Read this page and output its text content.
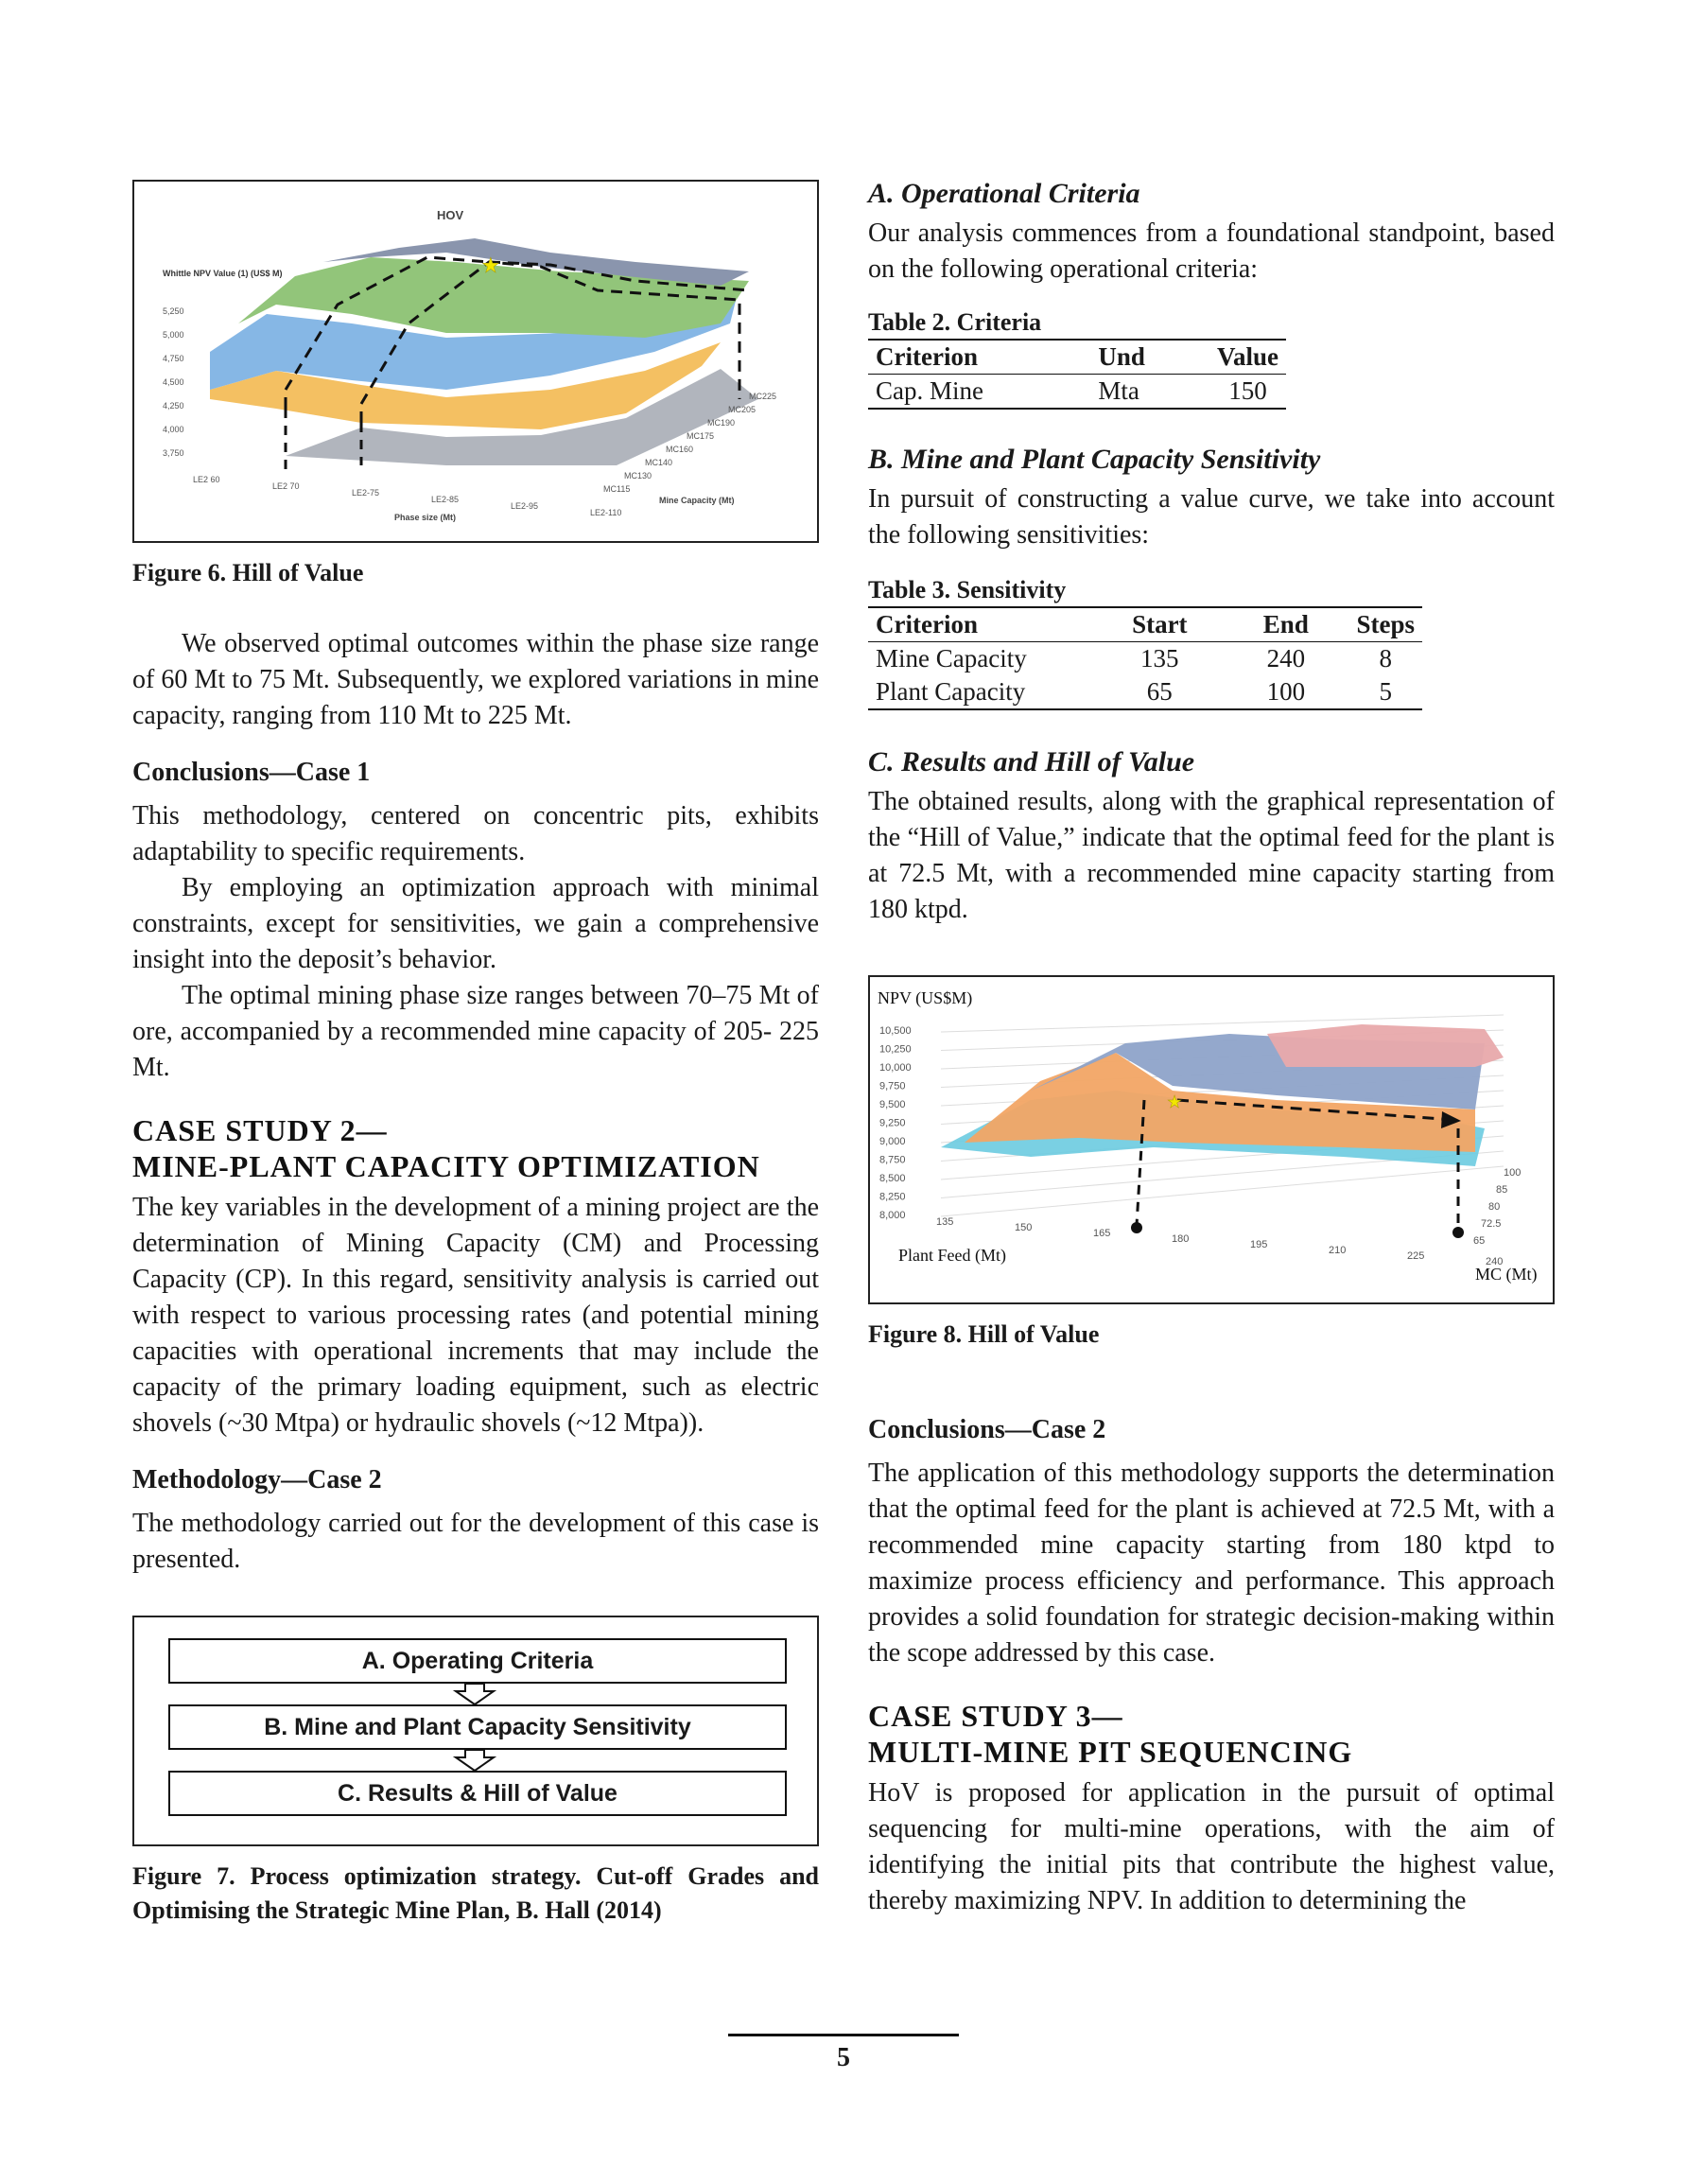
★
HOV
Whittle NPV Value (1) (US$ M)
5,250
5,000
4,750
4,500
4,250
4,000
3,750
LE2 60
LE2 70
LE2-75
LE2-85
LE2-95
LE2-110
MC225
MC205
MC190
MC175
MC160
MC140
MC130
MC115
Phase size (Mt)
Mine Capacity (Mt)

Figure 6. Hill of Value

We observed optimal outcomes within the phase size range of 60 Mt to 75 Mt. Subsequently, we explored variations in mine capacity, ranging from 110 Mt to 225 Mt.

Conclusions—Case 1

This methodology, centered on concentric pits, exhibits adaptability to specific requirements.

By employing an optimization approach with minimal constraints, except for sensitivities, we gain a comprehensive insight into the deposit’s behavior.

The optimal mining phase size ranges between 70–75 Mt of ore, accompanied by a recommended mine capacity of 205- 225 Mt.

CASE STUDY 2—

MINE-PLANT CAPACITY OPTIMIZATION

The key variables in the development of a mining project are the determination of Mining Capacity (CM) and Processing Capacity (CP). In this regard, sensitivity analysis is carried out with respect to various processing rates (and potential mining capacities with operational increments that may include the capacity of the primary loading equipment, such as electric shovels (~30 Mtpa) or hydraulic shovels (~12 Mtpa)).

Methodology—Case 2

The methodology carried out for the development of this case is presented.

A. Operating Criteria
B. Mine and Plant Capacity Sensitivity
C. Results & Hill of Value

Figure 7. Process optimization strategy. Cut-off Grades and Optimising the Strategic Mine Plan, B. Hall (2014)

A. Operational Criteria

Our analysis commences from a foundational standpoint, based on the following operational criteria:

Table 2. Criteria
Criterion	Und	Value
Cap. Mine	Mta	150

B. Mine and Plant Capacity Sensitivity

In pursuit of constructing a value curve, we take into account the following sensitivities:

Table 3. Sensitivity
Criterion	Start	End	Steps
Mine Capacity	135	240	8
Plant Capacity	65	100	5

C. Results and Hill of Value

The obtained results, along with the graphical representation of the “Hill of Value,” indicate that the optimal feed for the plant is at 72.5 Mt, with a recommended mine capacity starting from 180 ktpd.

★
NPV (US$M)
10,500
10,250
10,000
9,750
9,500
9,250
9,000
8,750
8,500
8,250
8,000
135	150	165	180	195	210	225	240
100
85
80
72.5
65
Plant Feed (Mt)
MC (Mt)

Figure 8. Hill of Value

Conclusions—Case 2

The application of this methodology supports the determination that the optimal feed for the plant is achieved at 72.5 Mt, with a recommended mine capacity starting from 180 ktpd to maximize process efficiency and performance. This approach provides a solid foundation for strategic decision-making within the scope addressed by this case.

CASE STUDY 3—

MULTI-MINE PIT SEQUENCING

HoV is proposed for application in the pursuit of optimal sequencing for multi-mine operations, with the aim of identifying the initial pits that contribute the highest value, thereby maximizing NPV. In addition to determining the

5
